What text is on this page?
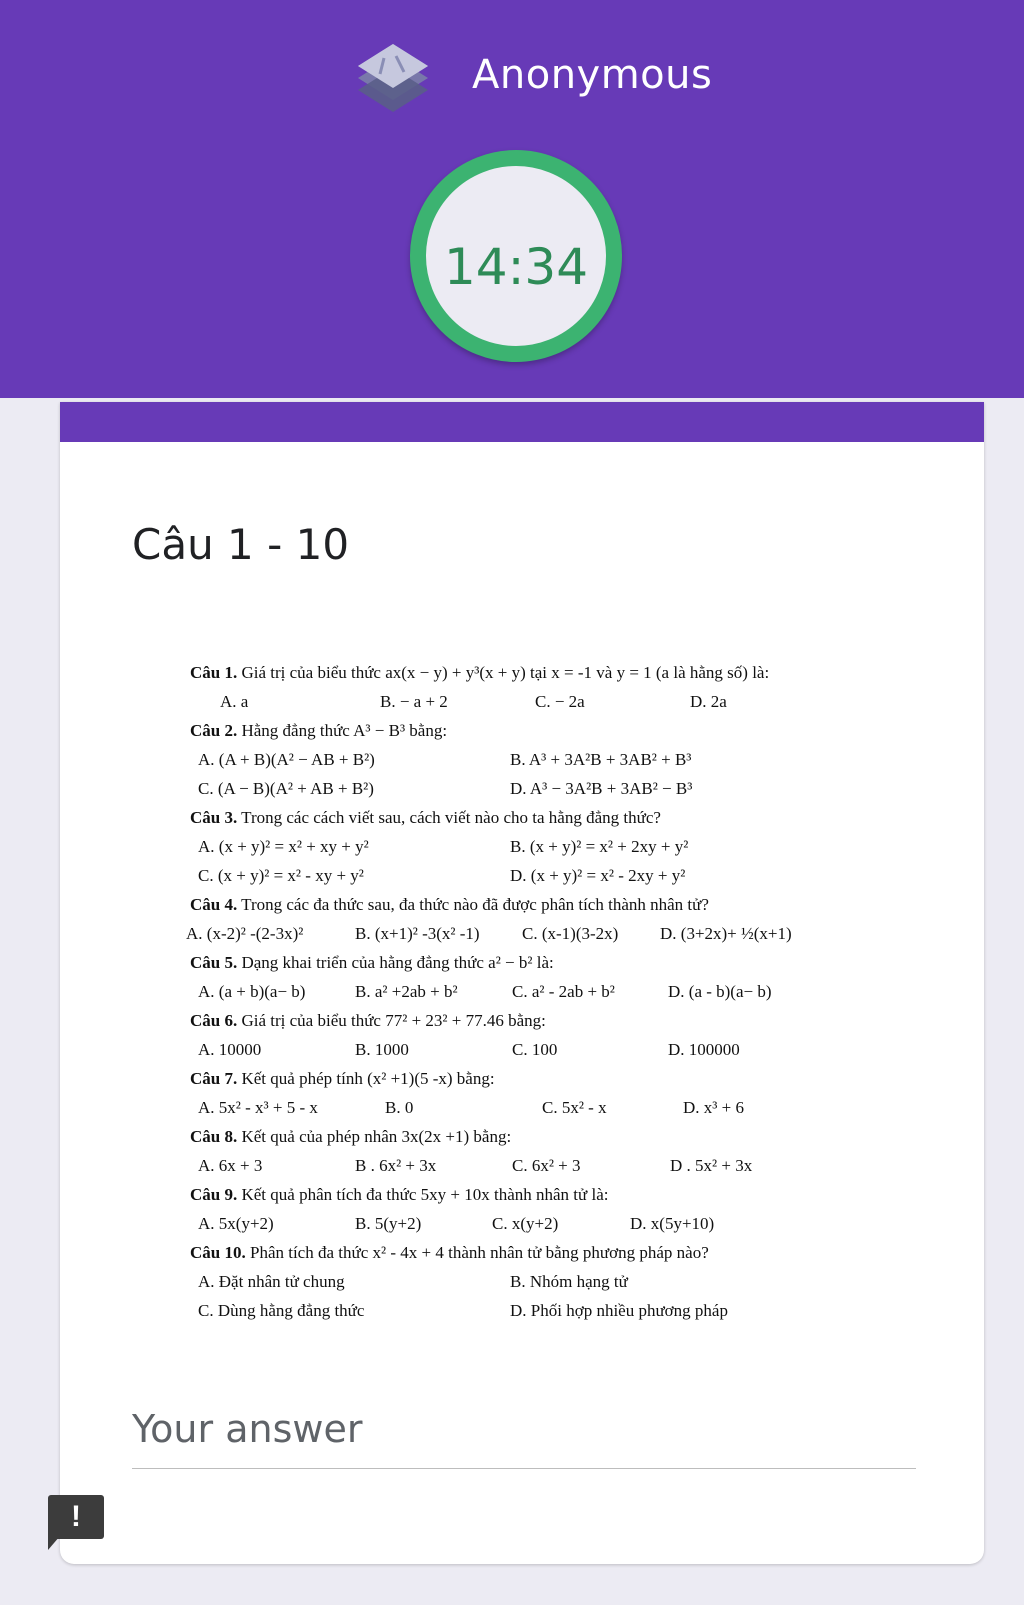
Anonymous
14:34
Câu 1 - 10
Câu 1. Giá trị của biểu thức ax(x − y) + y³(x + y) tại x = -1 và y = 1 (a là hằng số) là:
A. a	B. − a + 2	C. − 2a	D. 2a
Câu 2. Hằng đẳng thức A³ − B³ bằng:
A. (A + B)(A² − AB + B²)	B. A³ + 3A²B + 3AB² + B³
C. (A − B)(A² + AB + B²)	D. A³ − 3A²B + 3AB² − B³
Câu 3. Trong các cách viết sau, cách viết nào cho ta hằng đẳng thức?
A. (x + y)² = x² + xy + y²	B. (x + y)² = x² + 2xy + y²
C. (x + y)² = x² - xy + y²	D. (x + y)² = x² - 2xy + y²
Câu 4. Trong các đa thức sau, đa thức nào đã được phân tích thành nhân tử?
A. (x-2)² -(2-3x)²	B. (x+1)² -3(x² -1) C. (x-1)(3-2x) D. (3+2x)+ ½(x+1)
Câu 5. Dạng khai triển của hằng đẳng thức a² − b² là:
A. (a + b)(a− b)	B. a² +2ab + b²	C. a² - 2ab + b²	D. (a - b)(a− b)
Câu 6. Giá trị của biểu thức 77² + 23² + 77.46 bằng:
A. 10000	B. 1000	C. 100	D. 100000
Câu 7. Kết quả phép tính (x² +1)(5 -x) bằng:
A. 5x² - x³ + 5 - x	B. 0	C. 5x² - x	D. x³ + 6
Câu 8. Kết quả của phép nhân 3x(2x +1) bằng:
A. 6x + 3	B . 6x² + 3x	C. 6x² + 3	D . 5x² + 3x
Câu 9. Kết quả phân tích đa thức 5xy + 10x thành nhân tử là:
A. 5x(y+2)	B. 5(y+2)	C. x(y+2)	D. x(5y+10)
Câu 10. Phân tích đa thức x² - 4x + 4 thành nhân tử bằng phương pháp nào?
A. Đặt nhân tử chung	B. Nhóm hạng tử
C. Dùng hằng đẳng thức	D. Phối hợp nhiều phương pháp
Your answer
!
